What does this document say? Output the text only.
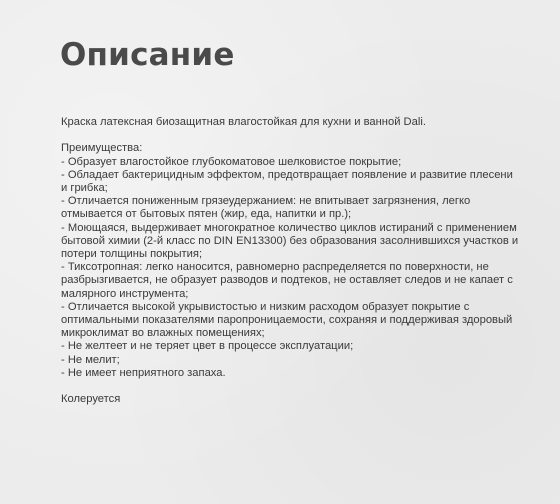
Описание

Краска латексная биозащитная влагостойкая для кухни и ванной Dali.

Преимущества:

- Образует влагостойкое глубокоматовое шелковистое покрытие;
- Обладает бактерицидным эффектом, предотвращает появление и развитие плесени и грибка;
- Отличается пониженным грязеудержанием: не впитывает загрязнения, легко отмывается от бытовых пятен (жир, еда, напитки и пр.);
- Моющаяся, выдерживает многократное количество циклов истираний с применением бытовой химии (2-й класс по DIN EN13300) без образования засолнившихся участков и потери толщины покрытия;
- Тиксотропная: легко наносится, равномерно распределяется по поверхности, не разбрызгивается, не образует разводов и подтеков, не оставляет следов и не капает с малярного инструмента;
- Отличается высокой укрывистостью и низким расходом образует покрытие с оптимальными показателями паропроницаемости, сохраняя и поддерживая здоровый микроклимат во влажных помещениях;
- Не желтеет и не теряет цвет в процессе эксплуатации;
- Не мелит;
- Не имеет неприятного запаха.

Колеруется
